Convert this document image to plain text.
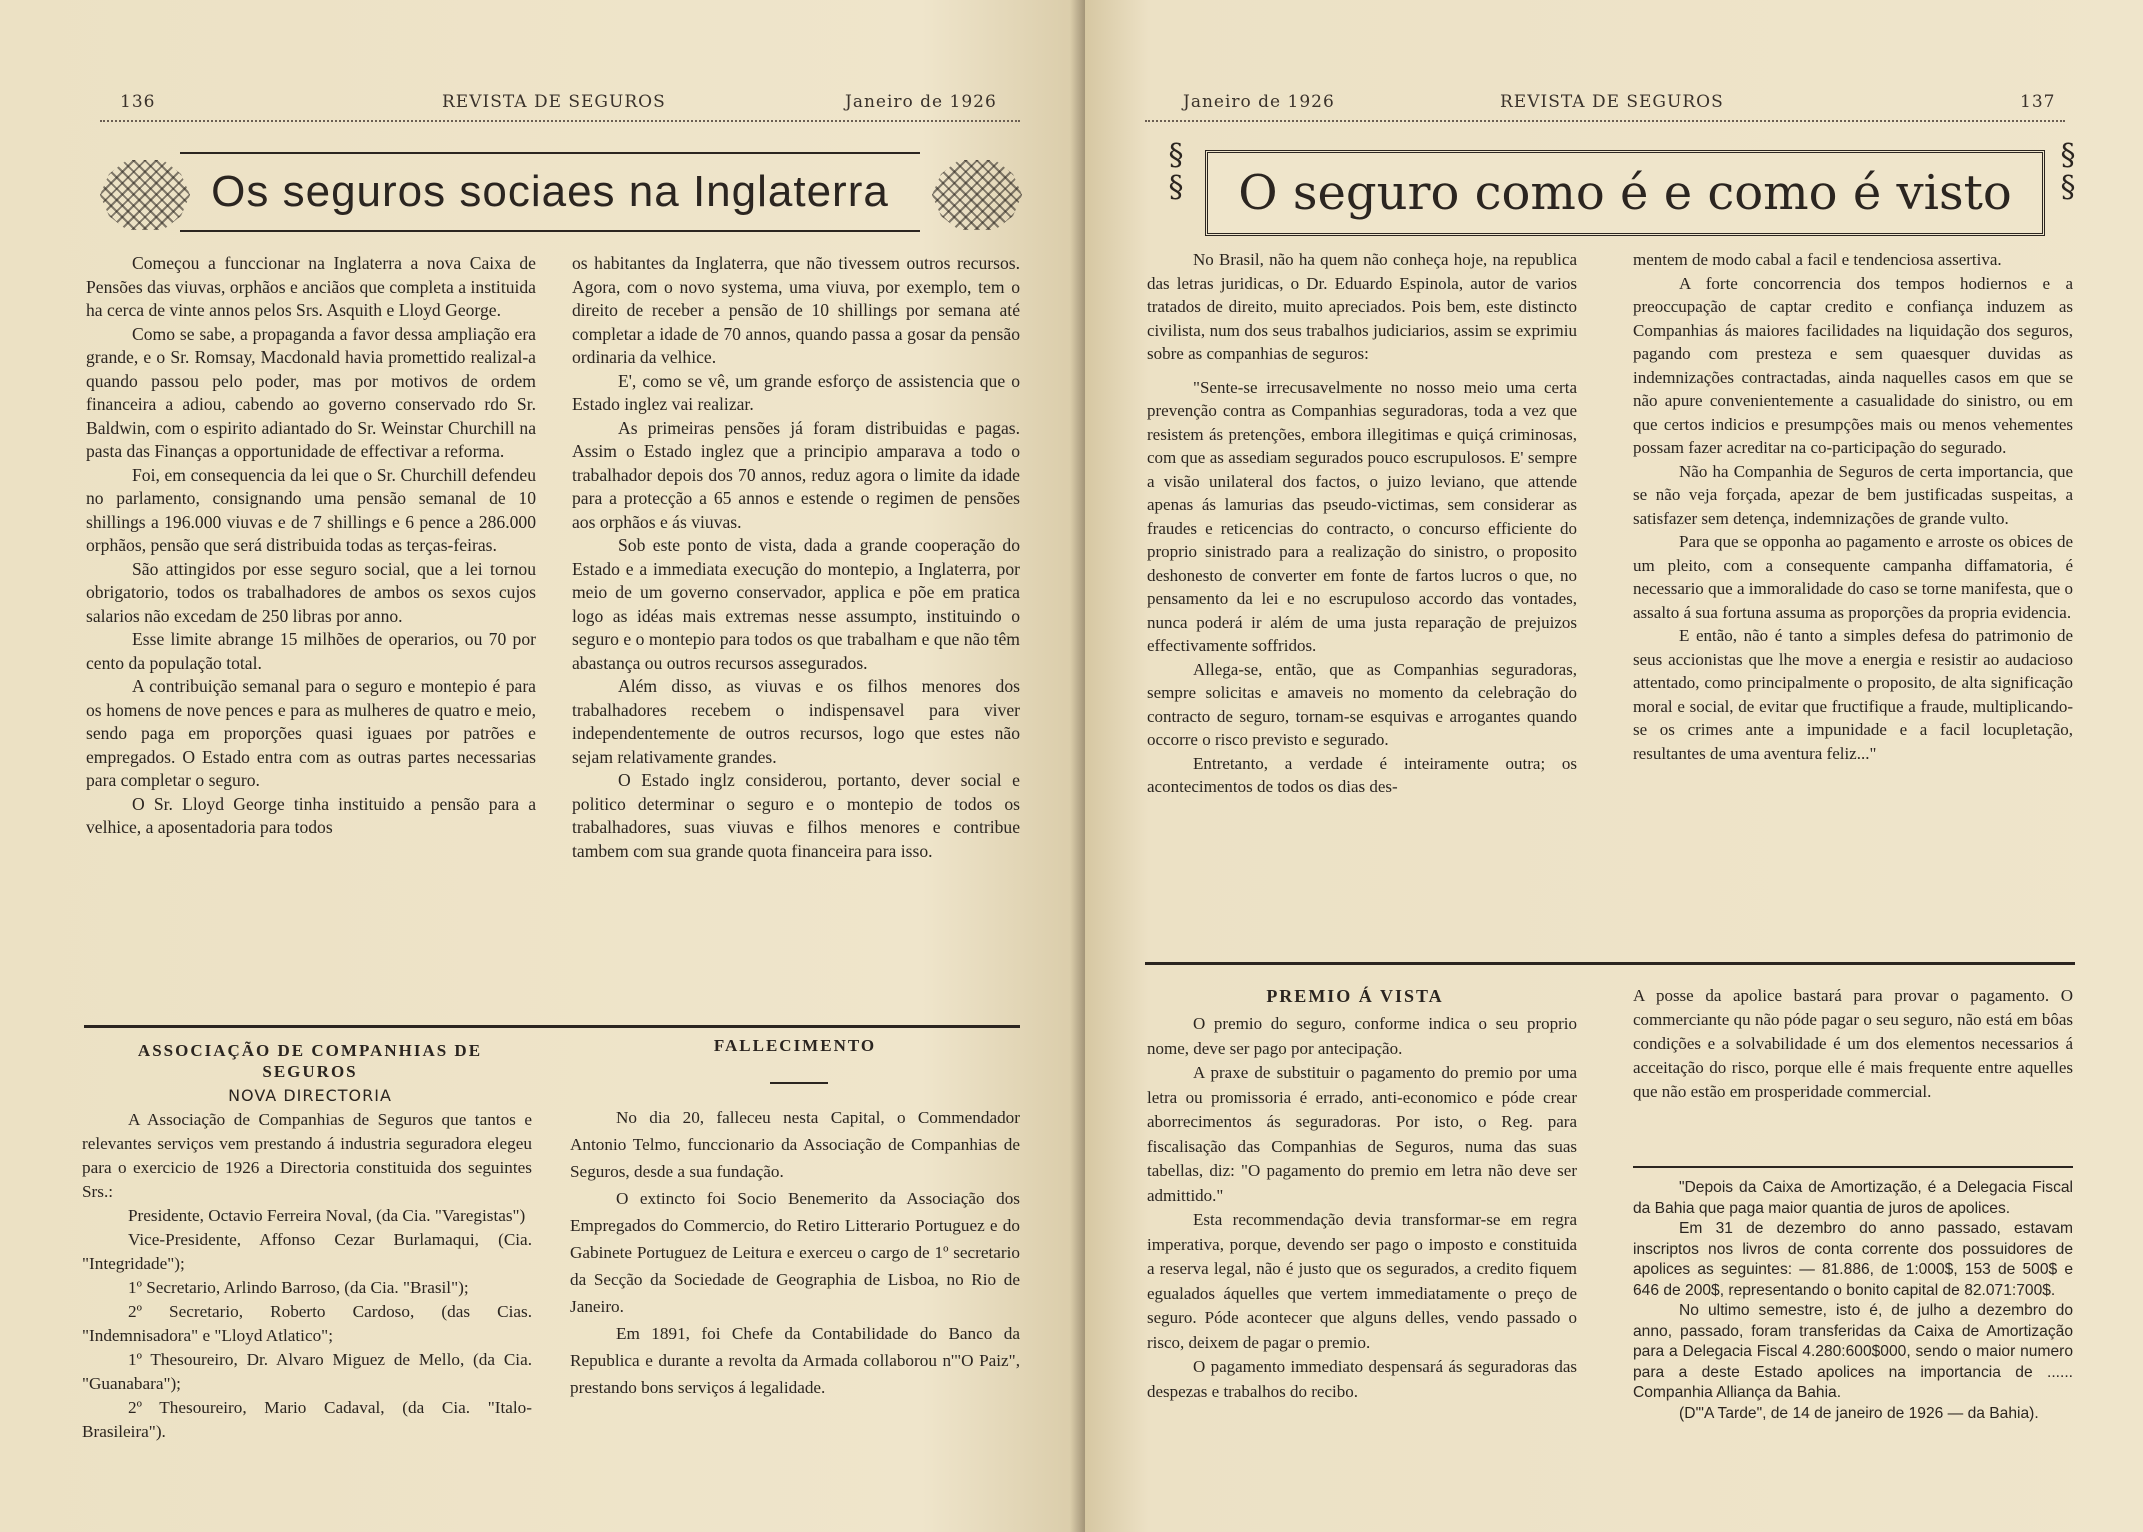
136	REVISTA DE SEGUROS	Janeiro de 1926
Os seguros sociaes na Inglaterra

Começou a funccionar na Inglaterra a nova Caixa de Pensões das viuvas, orphãos e anciãos que completa a instituida ha cerca de vinte annos pelos Srs. Asquith e Lloyd George.

Como se sabe, a propaganda a favor dessa ampliação era grande, e o Sr. Romsay, Macdonald havia promettido realizal-a quando passou pelo poder, mas por motivos de ordem financeira a adiou, cabendo ao governo conservado rdo Sr. Baldwin, com o espirito adiantado do Sr. Weinstar Churchill na pasta das Finanças a opportunidade de effectivar a reforma.

Foi, em consequencia da lei que o Sr. Churchill defendeu no parlamento, consignando uma pensão semanal de 10 shillings a 196.000 viuvas e de 7 shillings e 6 pence a 286.000 orphãos, pensão que será distribuida todas as terças-feiras.

São attingidos por esse seguro social, que a lei tornou obrigatorio, todos os trabalhadores de ambos os sexos cujos salarios não excedam de 250 libras por anno.

Esse limite abrange 15 milhões de operarios, ou 70 por cento da população total.

A contribuição semanal para o seguro e montepio é para os homens de nove pences e para as mulheres de quatro e meio, sendo paga em proporções quasi iguaes por patrões e empregados. O Estado entra com as outras partes necessarias para completar o seguro.

O Sr. Lloyd George tinha instituido a pensão para a velhice, a aposentadoria para todos

os habitantes da Inglaterra, que não tivessem outros recursos. Agora, com o novo systema, uma viuva, por exemplo, tem o direito de receber a pensão de 10 shillings por semana até completar a idade de 70 annos, quando passa a gosar da pensão ordinaria da velhice.

E', como se vê, um grande esforço de assistencia que o Estado inglez vai realizar.

As primeiras pensões já foram distribuidas e pagas. Assim o Estado inglez que a principio amparava a todo o trabalhador depois dos 70 annos, reduz agora o limite da idade para a protecção a 65 annos e estende o regimen de pensões aos orphãos e ás viuvas.

Sob este ponto de vista, dada a grande cooperação do Estado e a immediata execução do montepio, a Inglaterra, por meio de um governo conservador, applica e põe em pratica logo as idéas mais extremas nesse assumpto, instituindo o seguro e o montepio para todos os que trabalham e que não têm abastança ou outros recursos assegurados.

Além disso, as viuvas e os filhos menores dos trabalhadores recebem o indispensavel para viver independentemente de outros recursos, logo que estes não sejam relativamente grandes.

O Estado inglz considerou, portanto, dever social e politico determinar o seguro e o montepio de todos os trabalhadores, suas viuvas e filhos menores e contribue tambem com sua grande quota financeira para isso.

ASSOCIAÇÃO DE COMPANHIAS DE SEGUROS
NOVA DIRECTORIA

A Associação de Companhias de Seguros que tantos e relevantes serviços vem prestando á industria seguradora elegeu para o exercicio de 1926 a Directoria constituida dos seguintes Srs.:

Presidente, Octavio Ferreira Noval, (da Cia. "Varegistas")

Vice-Presidente, Affonso Cezar Burlamaqui, (Cia. "Integridade");

1º Secretario, Arlindo Barroso, (da Cia. "Brasil");

2º Secretario, Roberto Cardoso, (das Cias. "Indemnisadora" e "Lloyd Atlatico";

1º Thesoureiro, Dr. Alvaro Miguez de Mello, (da Cia. "Guanabara");

2º Thesoureiro, Mario Cadaval, (da Cia. "Italo-Brasileira").

FALLECIMENTO

No dia 20, falleceu nesta Capital, o Commendador Antonio Telmo, funccionario da Associação de Companhias de Seguros, desde a sua fundação.

O extincto foi Socio Benemerito da Associação dos Empregados do Commercio, do Retiro Litterario Portuguez e do Gabinete Portuguez de Leitura e exerceu o cargo de 1º secretario da Secção da Sociedade de Geographia de Lisboa, no Rio de Janeiro.

Em 1891, foi Chefe da Contabilidade do Banco da Republica e durante a revolta da Armada collaborou n'"O Paiz", prestando bons serviços á legalidade.

Janeiro de 1926	REVISTA DE SEGUROS	137
§
§
§
§
O seguro como é e como é visto

No Brasil, não ha quem não conheça hoje, na republica das letras juridicas, o Dr. Eduardo Espinola, autor de varios tratados de direito, muito apreciados. Pois bem, este distincto civilista, num dos seus trabalhos judiciarios, assim se exprimiu sobre as companhias de seguros:

"Sente-se irrecusavelmente no nosso meio uma certa prevenção contra as Companhias seguradoras, toda a vez que resistem ás pretenções, embora illegitimas e quiçá criminosas, com que as assediam segurados pouco escrupulosos. E' sempre a visão unilateral dos factos, o juizo leviano, que attende apenas ás lamurias das pseudo-victimas, sem considerar as fraudes e reticencias do contracto, o concurso efficiente do proprio sinistrado para a realização do sinistro, o proposito deshonesto de converter em fonte de fartos lucros o que, no pensamento da lei e no escrupuloso accordo das vontades, nunca poderá ir além de uma justa reparação de prejuizos effectivamente soffridos.

Allega-se, então, que as Companhias seguradoras, sempre solicitas e amaveis no momento da celebração do contracto de seguro, tornam-se esquivas e arrogantes quando occorre o risco previsto e segurado.

Entretanto, a verdade é inteiramente outra; os acontecimentos de todos os dias des-

mentem de modo cabal a facil e tendenciosa assertiva.

A forte concorrencia dos tempos hodiernos e a preoccupação de captar credito e confiança induzem as Companhias ás maiores facilidades na liquidação dos seguros, pagando com presteza e sem quaesquer duvidas as indemnizações contractadas, ainda naquelles casos em que se não apure convenientemente a casualidade do sinistro, ou em que certos indicios e presumpções mais ou menos vehementes possam fazer acreditar na co-participação do segurado.

Não ha Companhia de Seguros de certa importancia, que se não veja forçada, apezar de bem justificadas suspeitas, a satisfazer sem detença, indemnizações de grande vulto.

Para que se opponha ao pagamento e arroste os obices de um pleito, com a consequente campanha diffamatoria, é necessario que a immoralidade do caso se torne manifesta, que o assalto á sua fortuna assuma as proporções da propria evidencia.

E então, não é tanto a simples defesa do patrimonio de seus accionistas que lhe move a energia e resistir ao audacioso attentado, como principalmente o proposito, de alta significação moral e social, de evitar que fructifique a fraude, multiplicando-se os crimes ante a impunidade e a facil locupletação, resultantes de uma aventura feliz..."

PREMIO Á VISTA

O premio do seguro, conforme indica o seu proprio nome, deve ser pago por antecipação.

A praxe de substituir o pagamento do premio por uma letra ou promissoria é errado, anti-economico e póde crear aborrecimentos ás seguradoras. Por isto, o Reg. para fiscalisação das Companhias de Seguros, numa das suas tabellas, diz: "O pagamento do premio em letra não deve ser admittido."

Esta recommendação devia transformar-se em regra imperativa, porque, devendo ser pago o imposto e constituida a reserva legal, não é justo que os segurados, a credito fiquem egualados áquelles que vertem immediatamente o preço de seguro. Póde acontecer que alguns delles, vendo passado o risco, deixem de pagar o premio.

O pagamento immediato despensará ás seguradoras das despezas e trabalhos do recibo.

A posse da apolice bastará para provar o pagamento. O commerciante qu não póde pagar o seu seguro, não está em bôas condições e a solvabilidade é um dos elementos necessarios á acceitação do risco, porque elle é mais frequente entre aquelles que não estão em prosperidade commercial.

"Depois da Caixa de Amortização, é a Delegacia Fiscal da Bahia que paga maior quantia de juros de apolices.

Em 31 de dezembro do anno passado, estavam inscriptos nos livros de conta corrente dos possuidores de apolices as seguintes: — 81.886, de 1:000$, 153 de 500$ e 646 de 200$, representando o bonito capital de 82.071:700$.

No ultimo semestre, isto é, de julho a dezembro do anno, passado, foram transferidas da Caixa de Amortização para a Delegacia Fiscal 4.280:600$000, sendo o maior numero para a deste Estado apolices na importancia de ...... Companhia Alliança da Bahia.

(D'"A Tarde", de 14 de janeiro de 1926 — da Bahia).
